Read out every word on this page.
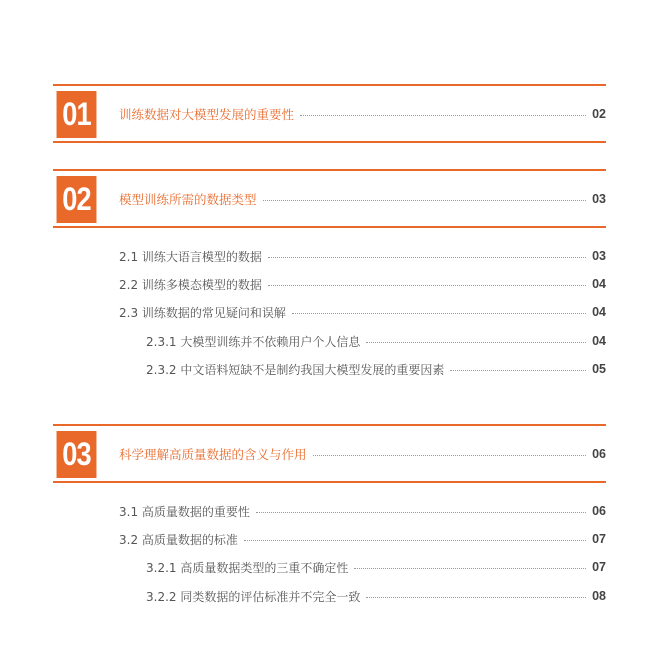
01	训练数据对大模型发展的重要性	02
02	模型训练所需的数据类型	03
2.1 训练大语言模型的数据	03
2.2 训练多模态模型的数据	04
2.3 训练数据的常见疑问和误解	04
2.3.1 大模型训练并不依赖用户个人信息	04
2.3.2 中文语料短缺不是制约我国大模型发展的重要因素	05
03	科学理解高质量数据的含义与作用	06
3.1 高质量数据的重要性	06
3.2 高质量数据的标准	07
3.2.1 高质量数据类型的三重不确定性	07
3.2.2 同类数据的评估标准并不完全一致	08
